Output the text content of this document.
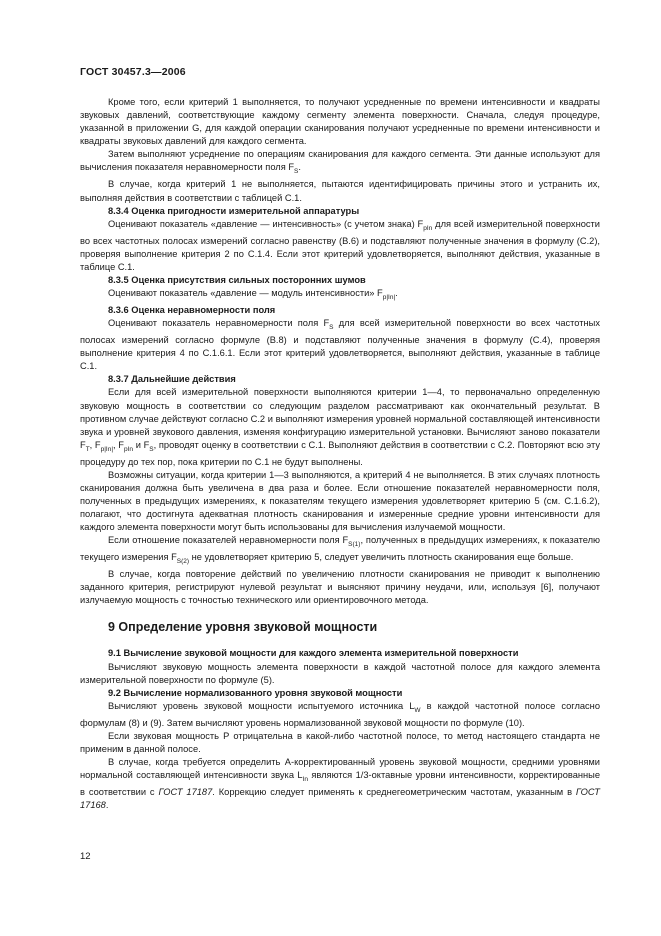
ГОСТ 30457.3—2006

Кроме того, если критерий 1 выполняется, то получают усредненные по времени интенсивности и квадраты звуковых давлений, соответствующие каждому сегменту элемента поверхности. Сначала, следуя процедуре, указанной в приложении G, для каждой операции сканирования получают усредненные по времени интенсивности и квадраты звуковых давлений для каждого сегмента.

Затем выполняют усреднение по операциям сканирования для каждого сегмента. Эти данные используют для вычисления показателя неравномерности поля $F_S$.

В случае, когда критерий 1 не выполняется, пытаются идентифицировать причины этого и устранить их, выполняя действия в соответствии с таблицей С.1.

8.3.4 Оценка пригодности измерительной аппаратуры

Оценивают показатель «давление — интенсивность» (с учетом знака) $F_{pIn}$ для всей измерительной поверхности во всех частотных полосах измерений согласно равенству (В.6) и подставляют полученные значения в формулу (С.2), проверяя выполнение критерия 2 по С.1.4. Если этот критерий удовлетворяется, выполняют действия, указанные в таблице С.1.

8.3.5 Оценка присутствия сильных посторонних шумов

Оценивают показатель «давление — модуль интенсивности» $F_{p|In|}$.

8.3.6 Оценка неравномерности поля

Оценивают показатель неравномерности поля $F_S$ для всей измерительной поверхности во всех частотных полосах измерений согласно формуле (В.8) и подставляют полученные значения в формулу (С.4), проверяя выполнение критерия 4 по С.1.6.1. Если этот критерий удовлетворяется, выполняют действия, указанные в таблице С.1.

8.3.7 Дальнейшие действия

Если для всей измерительной поверхности выполняются критерии 1—4, то первоначально определенную звуковую мощность в соответствии со следующим разделом рассматривают как окончательный результат. В противном случае действуют согласно С.2 и выполняют измерения уровней нормальной составляющей интенсивности звука и уровней звукового давления, изменяя конфигурацию измерительной установки. Вычисляют заново показатели $F_T$, $F_{p|In|}$, $F_{pIn}$ и $F_S$, проводят оценку в соответствии с С.1. Выполняют действия в соответствии с С.2. Повторяют всю эту процедуру до тех пор, пока критерии по С.1 не будут выполнены.

Возможны ситуации, когда критерии 1—3 выполняются, а критерий 4 не выполняется. В этих случаях плотность сканирования должна быть увеличена в два раза и более. Если отношение показателей неравномерности поля, полученных в предыдущих измерениях, к показателям текущего измерения удовлетворяет критерию 5 (см. С.1.6.2), полагают, что достигнута адекватная плотность сканирования и измеренные средние уровни интенсивности для каждого элемента поверхности могут быть использованы для вычисления излучаемой мощности.

Если отношение показателей неравномерности поля $F_{S(1)}$, полученных в предыдущих измерениях, к показателю текущего измерения $F_{S(2)}$ не удовлетворяет критерию 5, следует увеличить плотность сканирования еще больше.

В случае, когда повторение действий по увеличению плотности сканирования не приводит к выполнению заданного критерия, регистрируют нулевой результат и выясняют причину неудачи, или, используя [6], получают излучаемую мощность с точностью технического или ориентировочного метода.

9 Определение уровня звуковой мощности

9.1 Вычисление звуковой мощности для каждого элемента измерительной поверхности

Вычисляют звуковую мощность элемента поверхности в каждой частотной полосе для каждого элемента измерительной поверхности по формуле (5).

9.2 Вычисление нормализованного уровня звуковой мощности

Вычисляют уровень звуковой мощности испытуемого источника $L_W$ в каждой частотной полосе согласно формулам (8) и (9). Затем вычисляют уровень нормализованной звуковой мощности по формуле (10).

Если звуковая мощность P отрицательна в какой-либо частотной полосе, то метод настоящего стандарта не применим в данной полосе.

В случае, когда требуется определить A-корректированный уровень звуковой мощности, средними уровнями нормальной составляющей интенсивности звука $L_{In}$ являются 1/3-октавные уровни интенсивности, корректированные в соответствии с ГОСТ 17187. Коррекцию следует применять к среднегеометрическим частотам, указанным в ГОСТ 17168.

12
